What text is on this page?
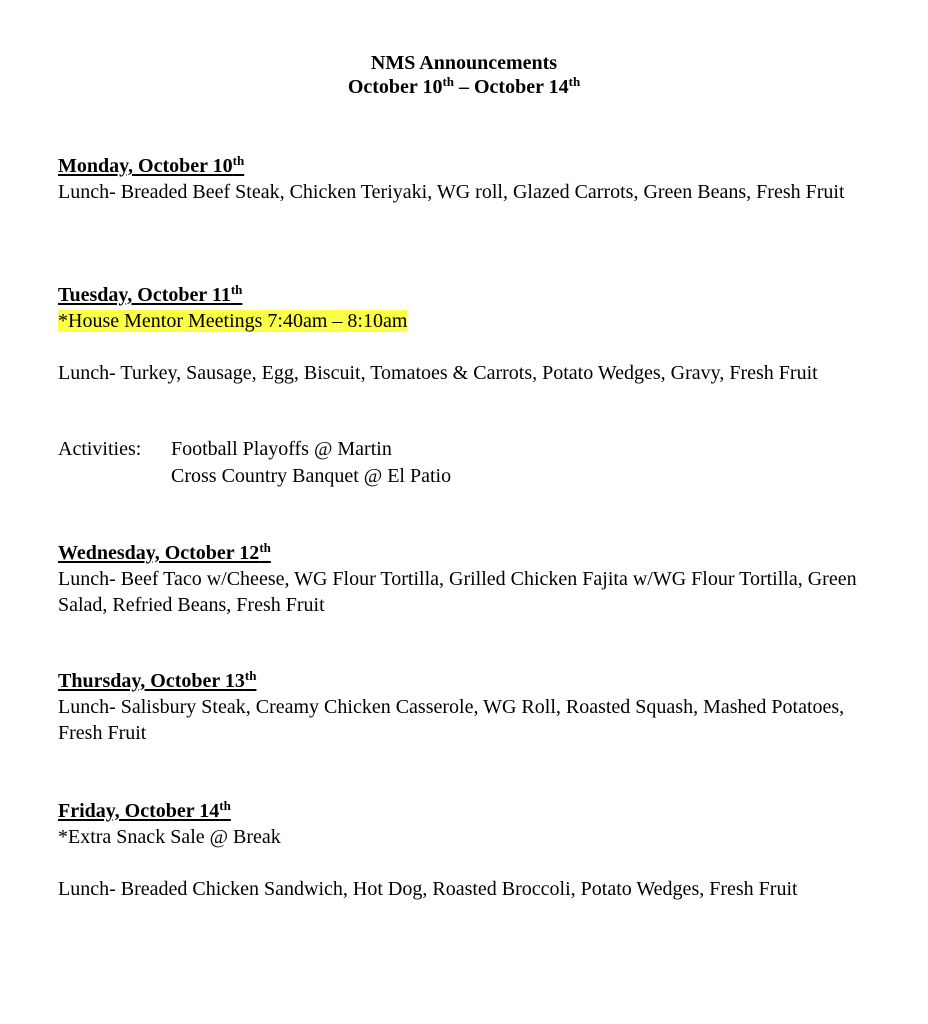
NMS Announcements
October 10th – October 14th
Monday, October 10th
Lunch- Breaded Beef Steak, Chicken Teriyaki, WG roll, Glazed Carrots, Green Beans, Fresh Fruit
Tuesday, October 11th
*House Mentor Meetings 7:40am – 8:10am
Lunch- Turkey, Sausage, Egg, Biscuit, Tomatoes & Carrots, Potato Wedges, Gravy, Fresh Fruit
Activities: Football Playoffs @ Martin
Cross Country Banquet @ El Patio
Wednesday, October 12th
Lunch- Beef Taco w/Cheese, WG Flour Tortilla, Grilled Chicken Fajita w/WG Flour Tortilla, Green Salad, Refried Beans, Fresh Fruit
Thursday, October 13th
Lunch- Salisbury Steak, Creamy Chicken Casserole, WG Roll, Roasted Squash, Mashed Potatoes, Fresh Fruit
Friday, October 14th
*Extra Snack Sale @ Break
Lunch- Breaded Chicken Sandwich, Hot Dog, Roasted Broccoli, Potato Wedges, Fresh Fruit
